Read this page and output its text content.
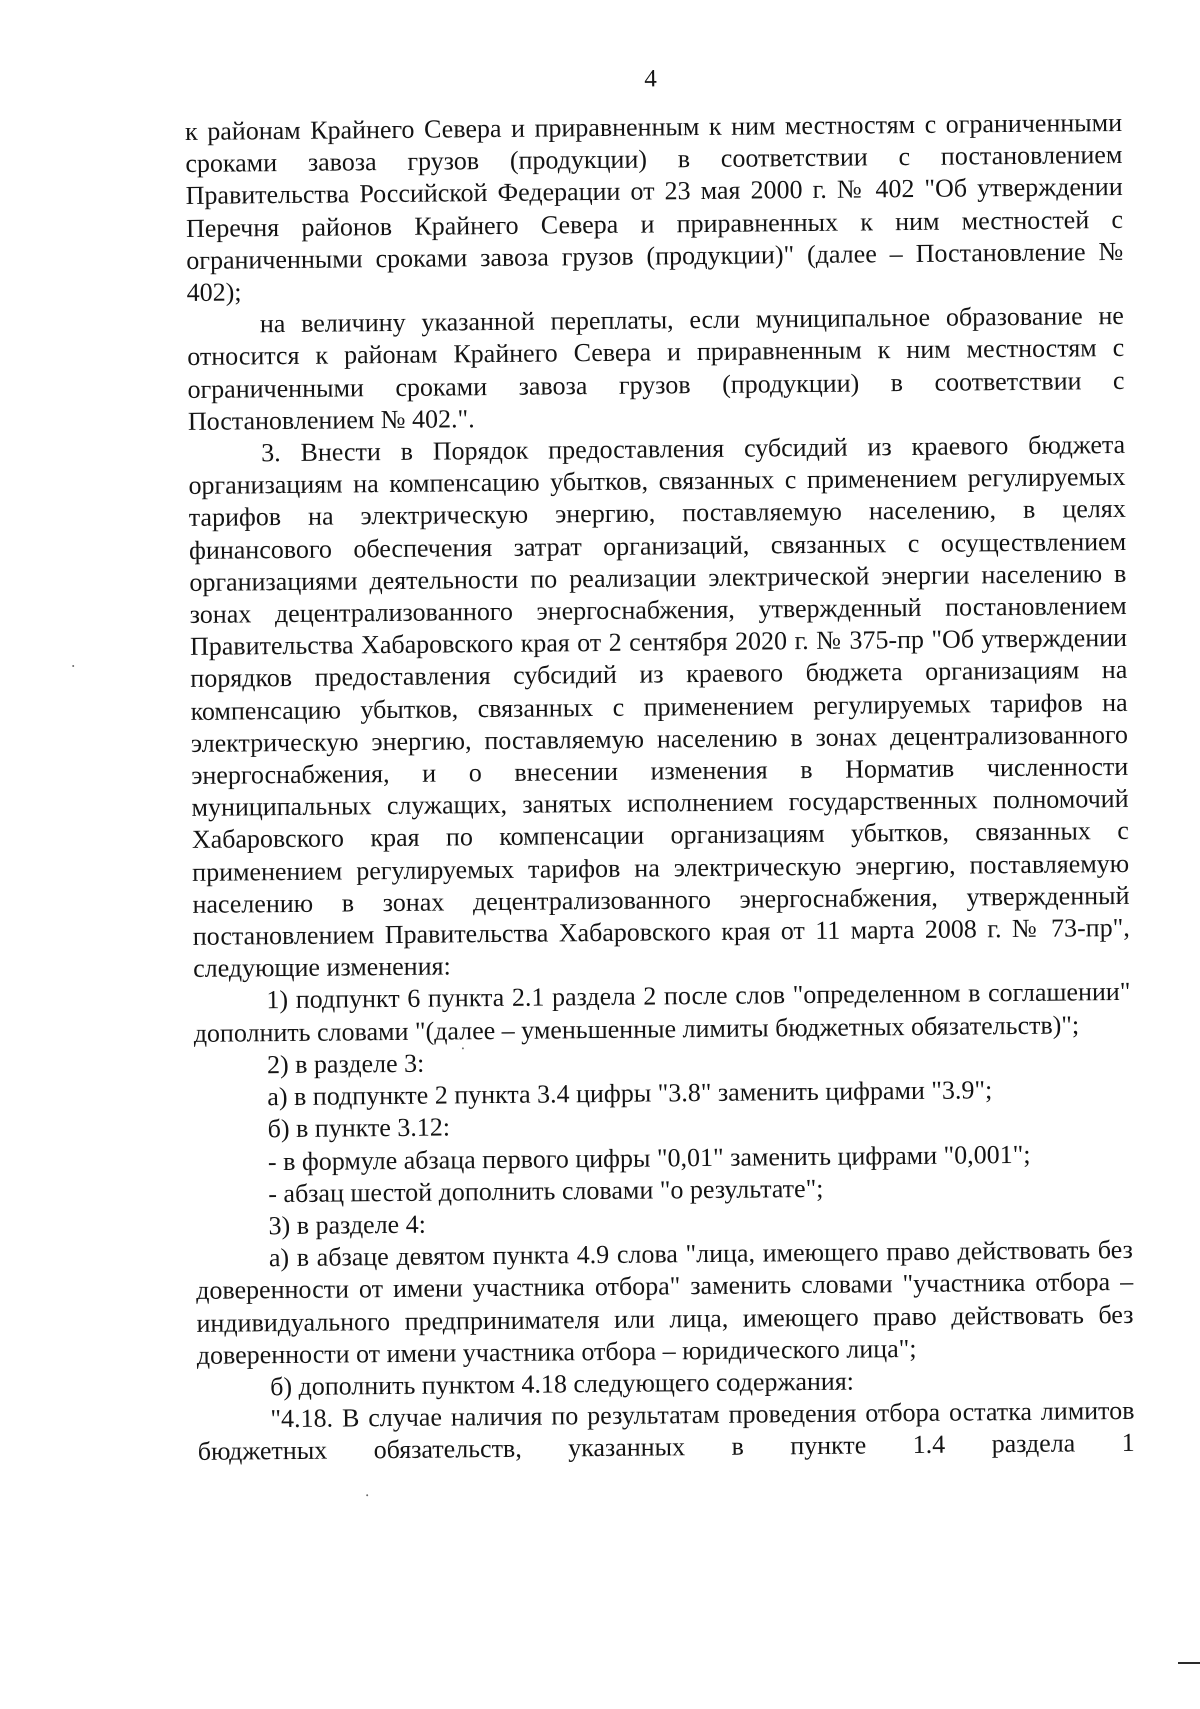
4

к районам Крайнего Севера и приравненным к ним местностям с ограниченными сроками завоза грузов (продукции) в соответствии с постановлением Правительства Российской Федерации от 23 мая 2000 г. № 402 "Об утверждении Перечня районов Крайнего Севера и приравненных к ним местностей с ограниченными сроками завоза грузов (продукции)" (далее – Постановление № 402);

на величину указанной переплаты, если муниципальное образование не относится к районам Крайнего Севера и приравненным к ним местностям с ограниченными сроками завоза грузов (продукции) в соответствии с Постановлением № 402.".

3. Внести в Порядок предоставления субсидий из краевого бюджета организациям на компенсацию убытков, связанных с применением регулируемых тарифов на электрическую энергию, поставляемую населению, в целях финансового обеспечения затрат организаций, связанных с осуществлением организациями деятельности по реализации электрической энергии населению в зонах децентрализованного энергоснабжения, утвержденный постановлением Правительства Хабаровского края от 2 сентября 2020 г. № 375-пр "Об утверждении порядков предоставления субсидий из краевого бюджета организациям на компенсацию убытков, связанных с применением регулируемых тарифов на электрическую энергию, поставляемую населению в зонах децентрализованного энергоснабжения, и о внесении изменения в Норматив численности муниципальных служащих, занятых исполнением государственных полномочий Хабаровского края по компенсации организациям убытков, связанных с применением регулируемых тарифов на электрическую энергию, поставляемую населению в зонах децентрализованного энергоснабжения, утвержденный постановлением Правительства Хабаровского края от 11 марта 2008 г. № 73-пр", следующие изменения:

1) подпункт 6 пункта 2.1 раздела 2 после слов "определенном в соглашении" дополнить словами "(далее – уменьшенные лимиты бюджетных обязательств)";

2) в разделе 3:

а) в подпункте 2 пункта 3.4 цифры "3.8" заменить цифрами "3.9";

б) в пункте 3.12:

- в формуле абзаца первого цифры "0,01" заменить цифрами "0,001";

- абзац шестой дополнить словами "о результате";

3) в разделе 4:

а) в абзаце девятом пункта 4.9 слова "лица, имеющего право действовать без доверенности от имени участника отбора" заменить словами "участника отбора – индивидуального предпринимателя или лица, имеющего право действовать без доверенности от имени участника отбора – юридического лица";

б) дополнить пунктом 4.18 следующего содержания:

"4.18. В случае наличия по результатам проведения отбора остатка лимитов бюджетных обязательств, указанных в пункте 1.4 раздела 1
